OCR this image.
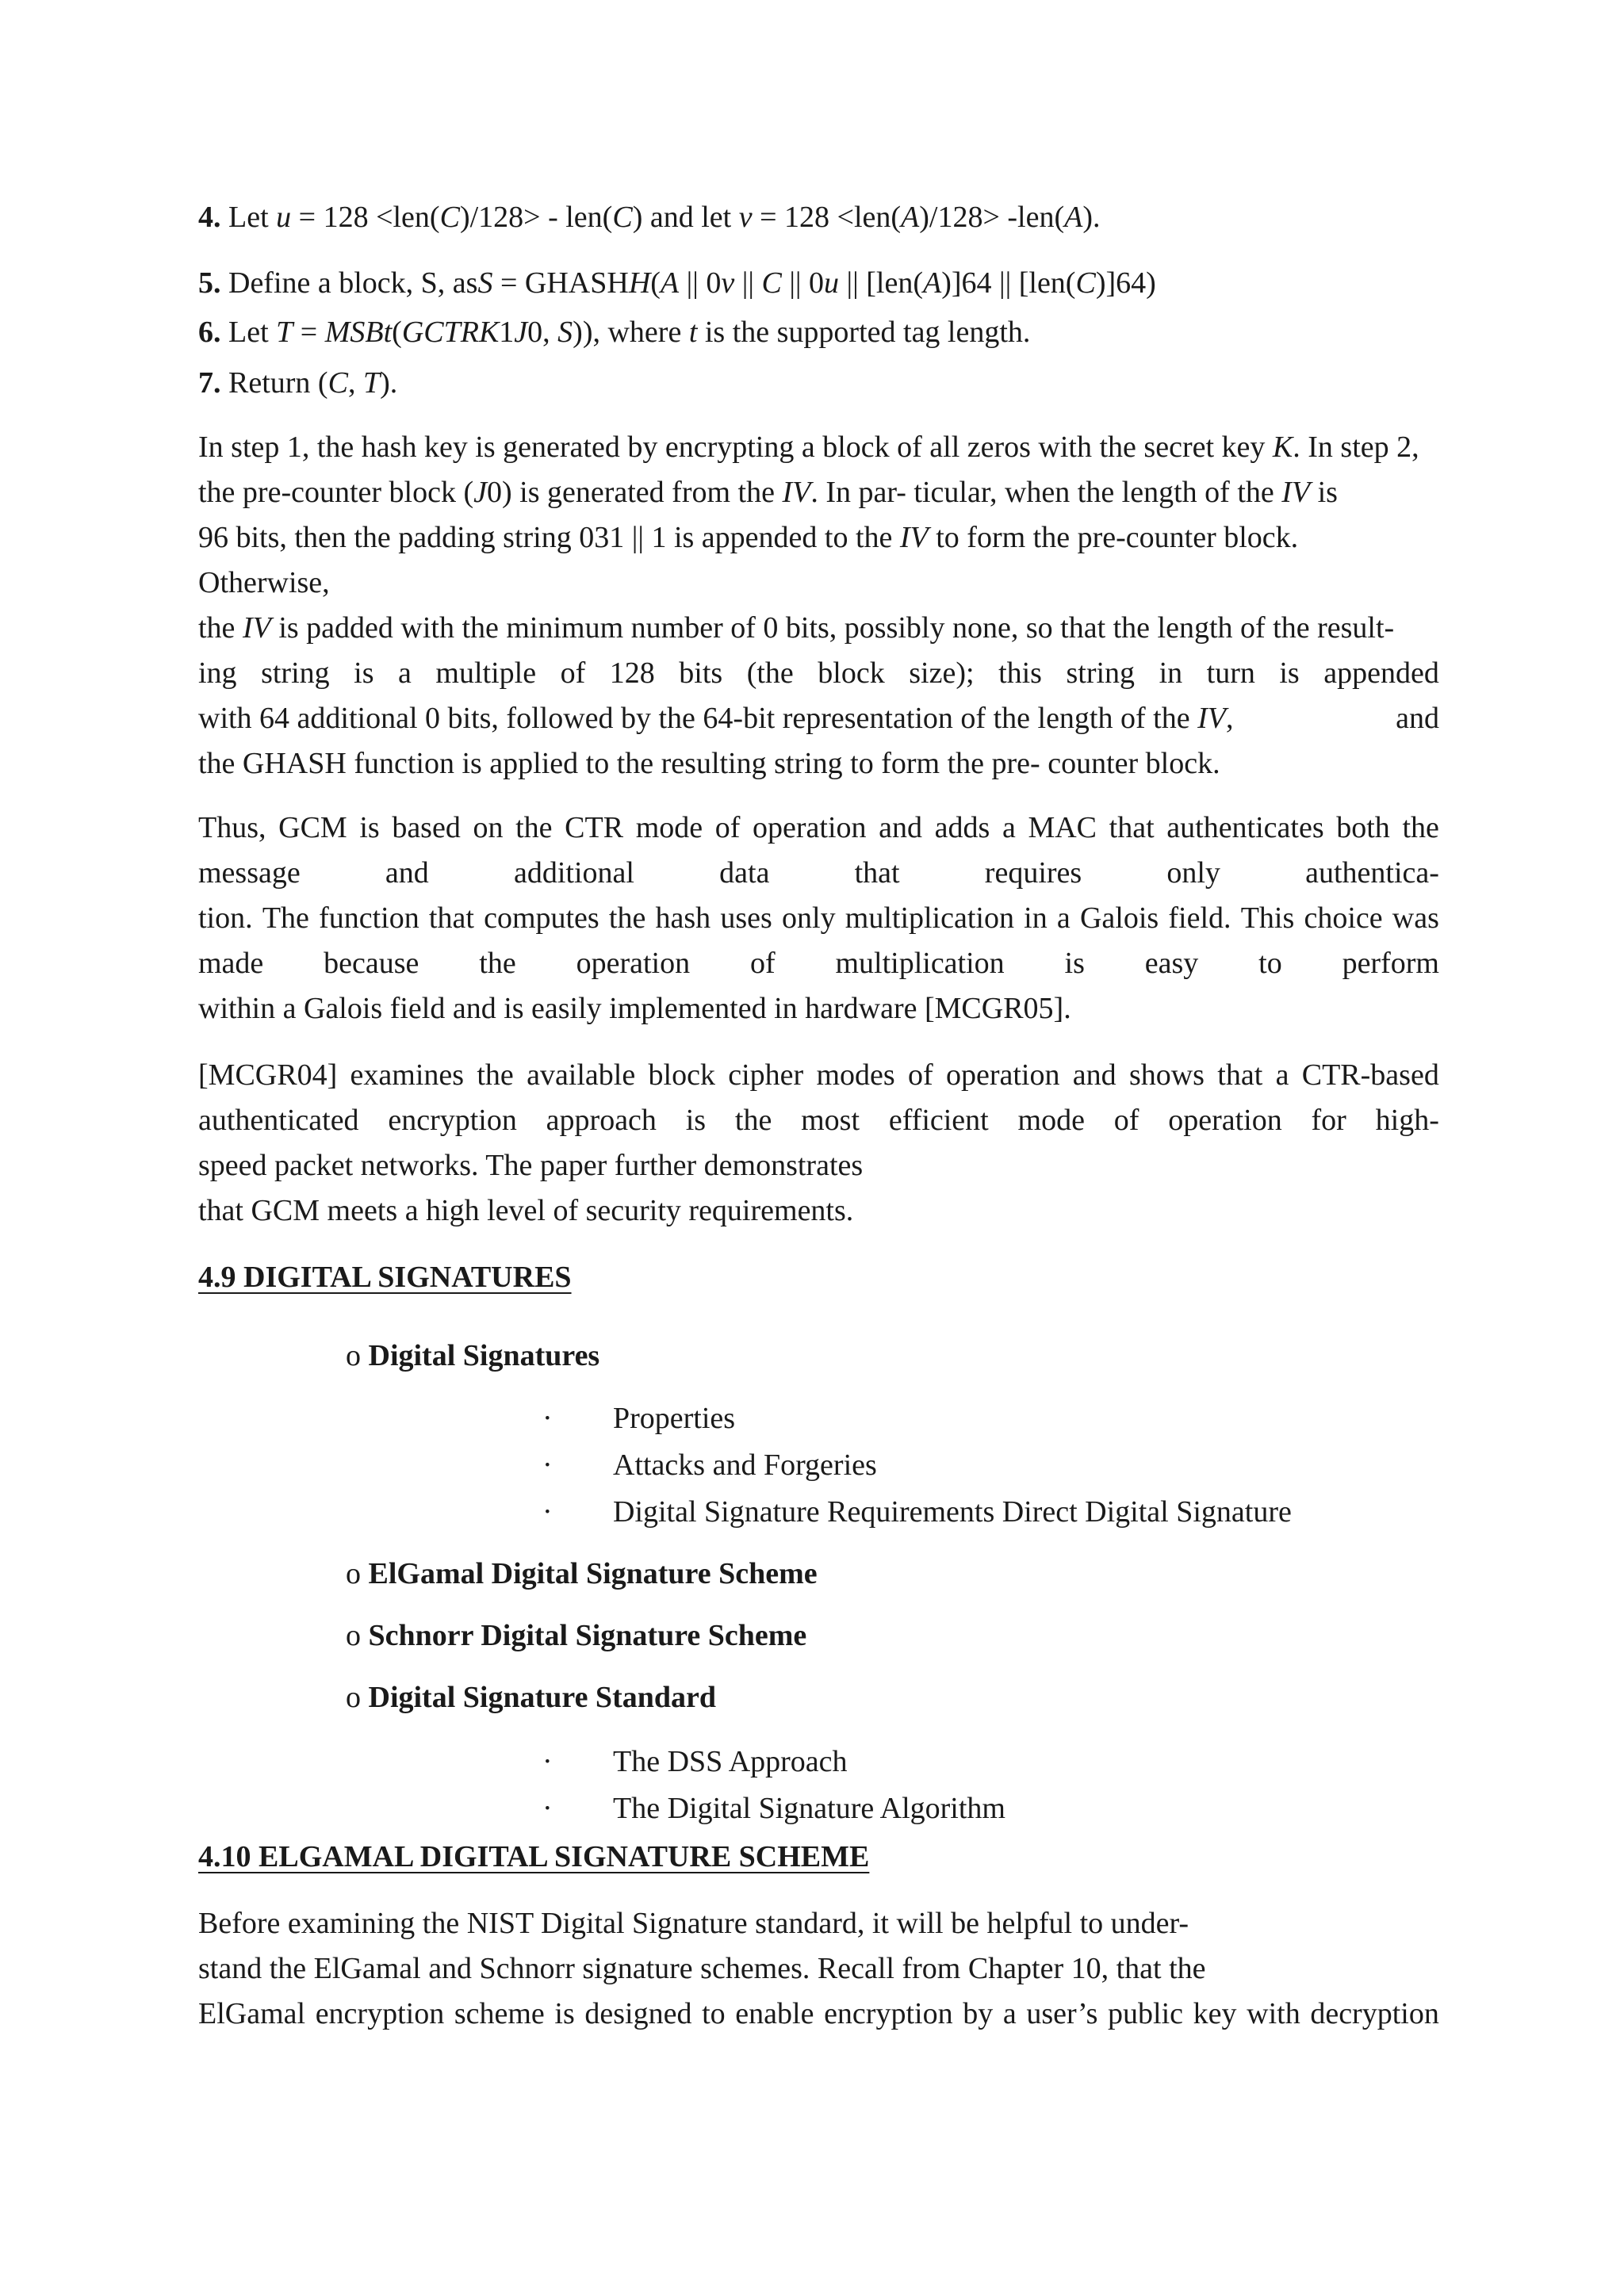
4. Let u = 128 <len(C)/128> - len(C) and let v = 128 <len(A)/128> -len(A).
5. Define a block, S, asS = GHASHH(A || 0v || C || 0u || [len(A)]64 || [len(C)]64)
6. Let T = MSBt(GCTRK1J0, S)), where t is the supported tag length.
7. Return (C, T).
In step 1, the hash key is generated by encrypting a block of all zeros with the secret key K. In step 2,
the pre-counter block (J0) is generated from the IV. In par- ticular, when the length of the IV is
96 bits, then the padding string 031 || 1 is appended to the IV to form the pre-counter block.
Otherwise,
the IV is padded with the minimum number of 0 bits, possibly none, so that the length of the result-
ing string is a multiple of 128 bits (the block size); this string in turn is appended
with 64 additional 0 bits, followed by the 64-bit representation of the length of the IV,	and
the GHASH function is applied to the resulting string to form the pre- counter block.
Thus, GCM is based on the CTR mode of operation and adds a MAC that authenticates both the
message	and	additional	data	that	requires	only	authentica-
tion. The function that computes the hash uses only multiplication in a Galois field. This choice was
made because the operation of multiplication is easy to perform
within a Galois field and is easily implemented in hardware [MCGR05].
[MCGR04] examines the available block cipher modes of operation and shows that a CTR-based
authenticated encryption approach is the most efficient mode of operation for high-
speed packet networks. The paper further demonstrates
that GCM meets a high level of security requirements.
4.9 DIGITAL SIGNATURES
o Digital Signatures
· Properties
· Attacks and Forgeries
· Digital Signature Requirements Direct Digital Signature
o ElGamal Digital Signature Scheme
o Schnorr Digital Signature Scheme
o Digital Signature Standard
· The DSS Approach
· The Digital Signature Algorithm
4.10 ELGAMAL DIGITAL SIGNATURE SCHEME
Before examining the NIST Digital Signature standard, it will be helpful to under-
stand the ElGamal and Schnorr signature schemes. Recall from Chapter 10, that the
ElGamal encryption scheme is designed to enable encryption by a user’s public key with decryption
